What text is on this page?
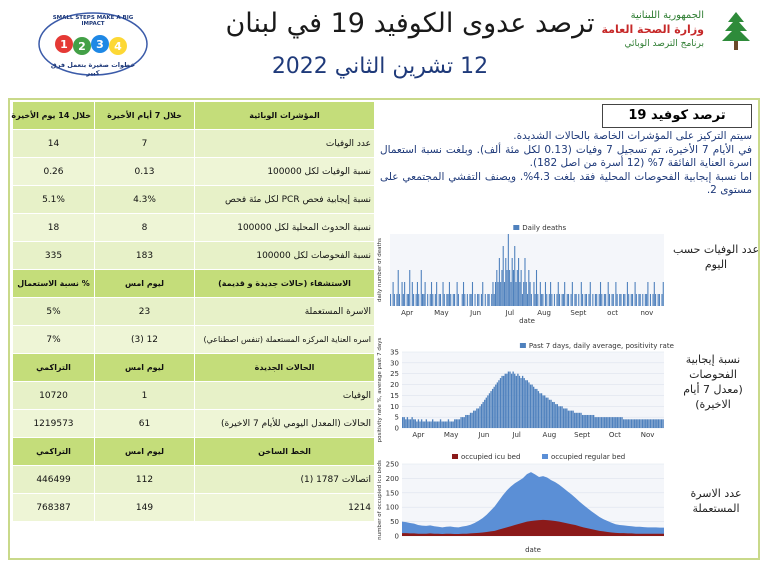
الجمهورية اللبنانية
وزارة الصحة العامة
برنامج الترصد الوبائي
1 2 3 4
SMALL STEPS MAKE A BIG IMPACT
خطوات صغيرة بتعمل فرق كبير
ترصد عدوى الكوفيد 19 في لبنان
12 تشرين الثاني 2022
خلال 14 يوم الأخيرة	خلال 7 أيام الأخيرة	المؤشرات الوبائية
14	7	عدد الوفيات
0.26	0.13	نسبة الوفيات لكل 100000
5.1%	4.3%	نسبة إيجابية فحص PCR لكل مئة فحص
18	8	نسبة الحدوث المحلية لكل 100000
335	183	نسبة الفحوصات لكل 100000
% نسبة الاستعمال	ليوم امس	الاستشفاء (حالات جديدة و قديمة)
5%	23	الاسرة المستعملة
7%	12 (3)	اسره العناية المركزه المستعملة (تنفس اصطناعي)
التراكمي	ليوم امس	الحالات الجديدة
10720	1	الوفيات
1219573	61	الحالات (المعدل اليومي للأيام 7 الاخيرة)
التراكمي	ليوم امس	الخط الساخن
446499	112	اتصالات 1787 (1)
768387	149	1214
ترصد كوفيد 19
سيتم التركيز على المؤشرات الخاصة بالحالات الشديدة.
في الأيام 7 الأخيرة، تم تسجيل 7 وفيات (0.13 لكل مئة ألف). وبلغت نسبة استعمال اسرة العناية الفائقة 7% (12 أسرة من اصل 182).
اما نسبة إيجابية الفحوصات المحلية فقد بلغت 4.3%. ويصنف التفشي المجتمعي على مستوى 2.
عدد الوفيات حسب اليوم
نسبة إيجابية الفحوصات
(معدل 7 أيام الاخيرة)
عدد الاسرة المستعملة
Apr	May	Jun	Jul	Aug	Sept	oct	nov
Daily deaths
date
daily number of deaths
0
5
10
15
20
25
30
35
Apr	May	Jun	Jul	Aug	Sept	Oct	Nov
Past 7 days, daily average, positivity rate
positivity rate %, average past 7 days
0
50
100
150
200
250
occupied icu bed	occupied regular bed
date
number of occupied icu beds
